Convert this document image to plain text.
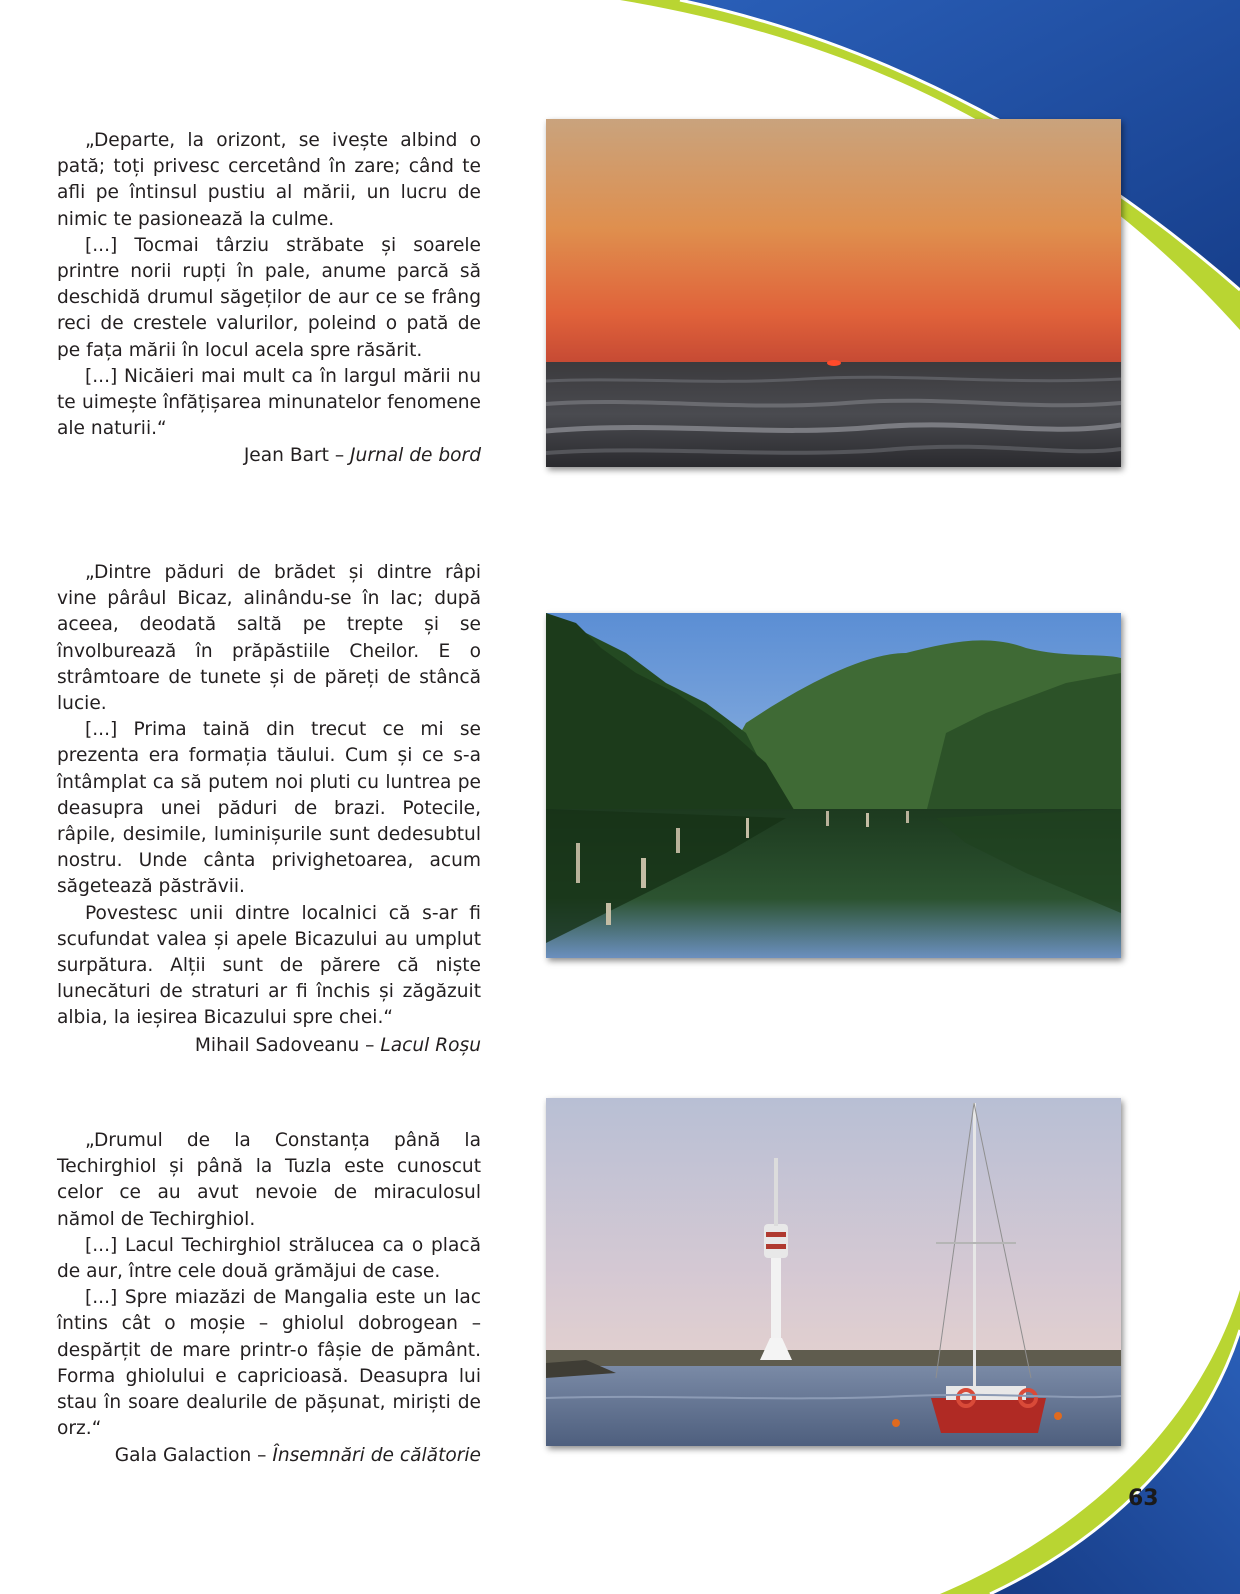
„Departe, la orizont, se ivește albind o pată; toți privesc cercetând în zare; când te afli pe întinsul pustiu al mării, un lucru de nimic te pasionează la culme.

[...] Tocmai târziu străbate și soarele printre norii rupți în pale, anume parcă să deschidă drumul săgeților de aur ce se frâng reci de crestele valurilor, poleind o pată de pe fața mării în locul acela spre răsărit.

[...] Nicăieri mai mult ca în largul mării nu te uimește înfățișarea minunatelor fenomene ale naturii.“

Jean Bart – Jurnal de bord

„Dintre păduri de brădet și dintre râpi vine pârâul Bicaz, alinându-se în lac; după aceea, deodată saltă pe trepte și se învolburează în prăpăstiile Cheilor. E o strâmtoare de tunete și de păreți de stâncă lucie.

[...] Prima taină din trecut ce mi se prezenta era formația tăului. Cum și ce s-a întâmplat ca să putem noi pluti cu luntrea pe deasupra unei păduri de brazi. Potecile, râpile, desimile, luminișurile sunt dedesubtul nostru. Unde cânta privighetoarea, acum săgetează păstrăvii.

Povestesc unii dintre localnici că s-ar fi scufundat valea și apele Bicazului au umplut surpătura. Alții sunt de părere că niște lunecături de straturi ar fi închis și zăgăzuit albia, la ieșirea Bicazului spre chei.“

Mihail Sadoveanu – Lacul Roșu

„Drumul de la Constanța până la Techirghiol și până la Tuzla este cunoscut celor ce au avut nevoie de miraculosul nămol de Techirghiol.

[...] Lacul Techirghiol strălucea ca o placă de aur, între cele două grămăjui de case.

[...] Spre miazăzi de Mangalia este un lac întins cât o moșie – ghiolul dobrogean – despărțit de mare printr-o fâșie de pământ. Forma ghiolului e capricioasă. Deasupra lui stau în soare dealurile de pășunat, miriști de orz.“

Gala Galaction – Însemnări de călătorie

63
